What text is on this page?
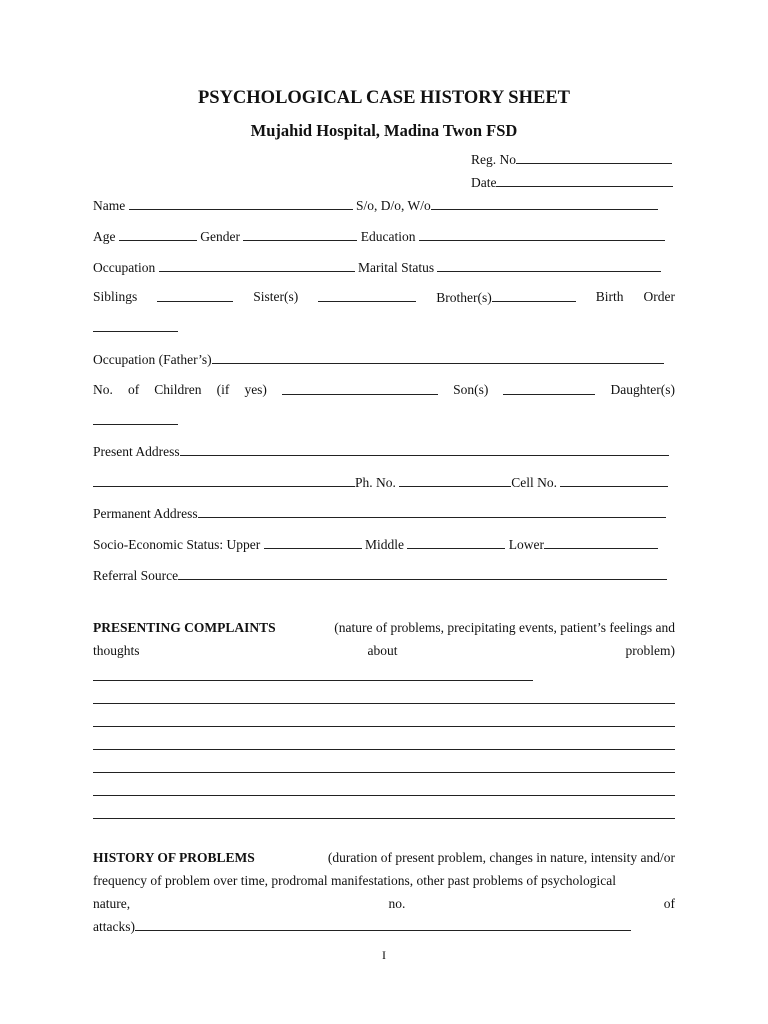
PSYCHOLOGICAL CASE HISTORY SHEET
Mujahid Hospital, Madina Twon FSD
Reg. No
Date
Name	S/o, D/o, W/o
Age	Gender	Education
Occupation	Marital Status
Siblings	Sister(s)	Brother(s)	Birth Order
Occupation (Father’s)
No. of Children (if yes)	Son(s)	Daughter(s)
Present Address
Ph. No.	Cell No.
Permanent Address
Socio-Economic Status: Upper	Middle	Lower
Referral Source
PRESENTING COMPLAINTS	(nature of problems, precipitating events, patient’s feelings and
thoughts	about	problem)
HISTORY OF PROBLEMS	(duration of present problem, changes in nature, intensity and/or
frequency of problem over time, prodromal manifestations, other past problems of psychological
nature,	no.	of
attacks)
I
